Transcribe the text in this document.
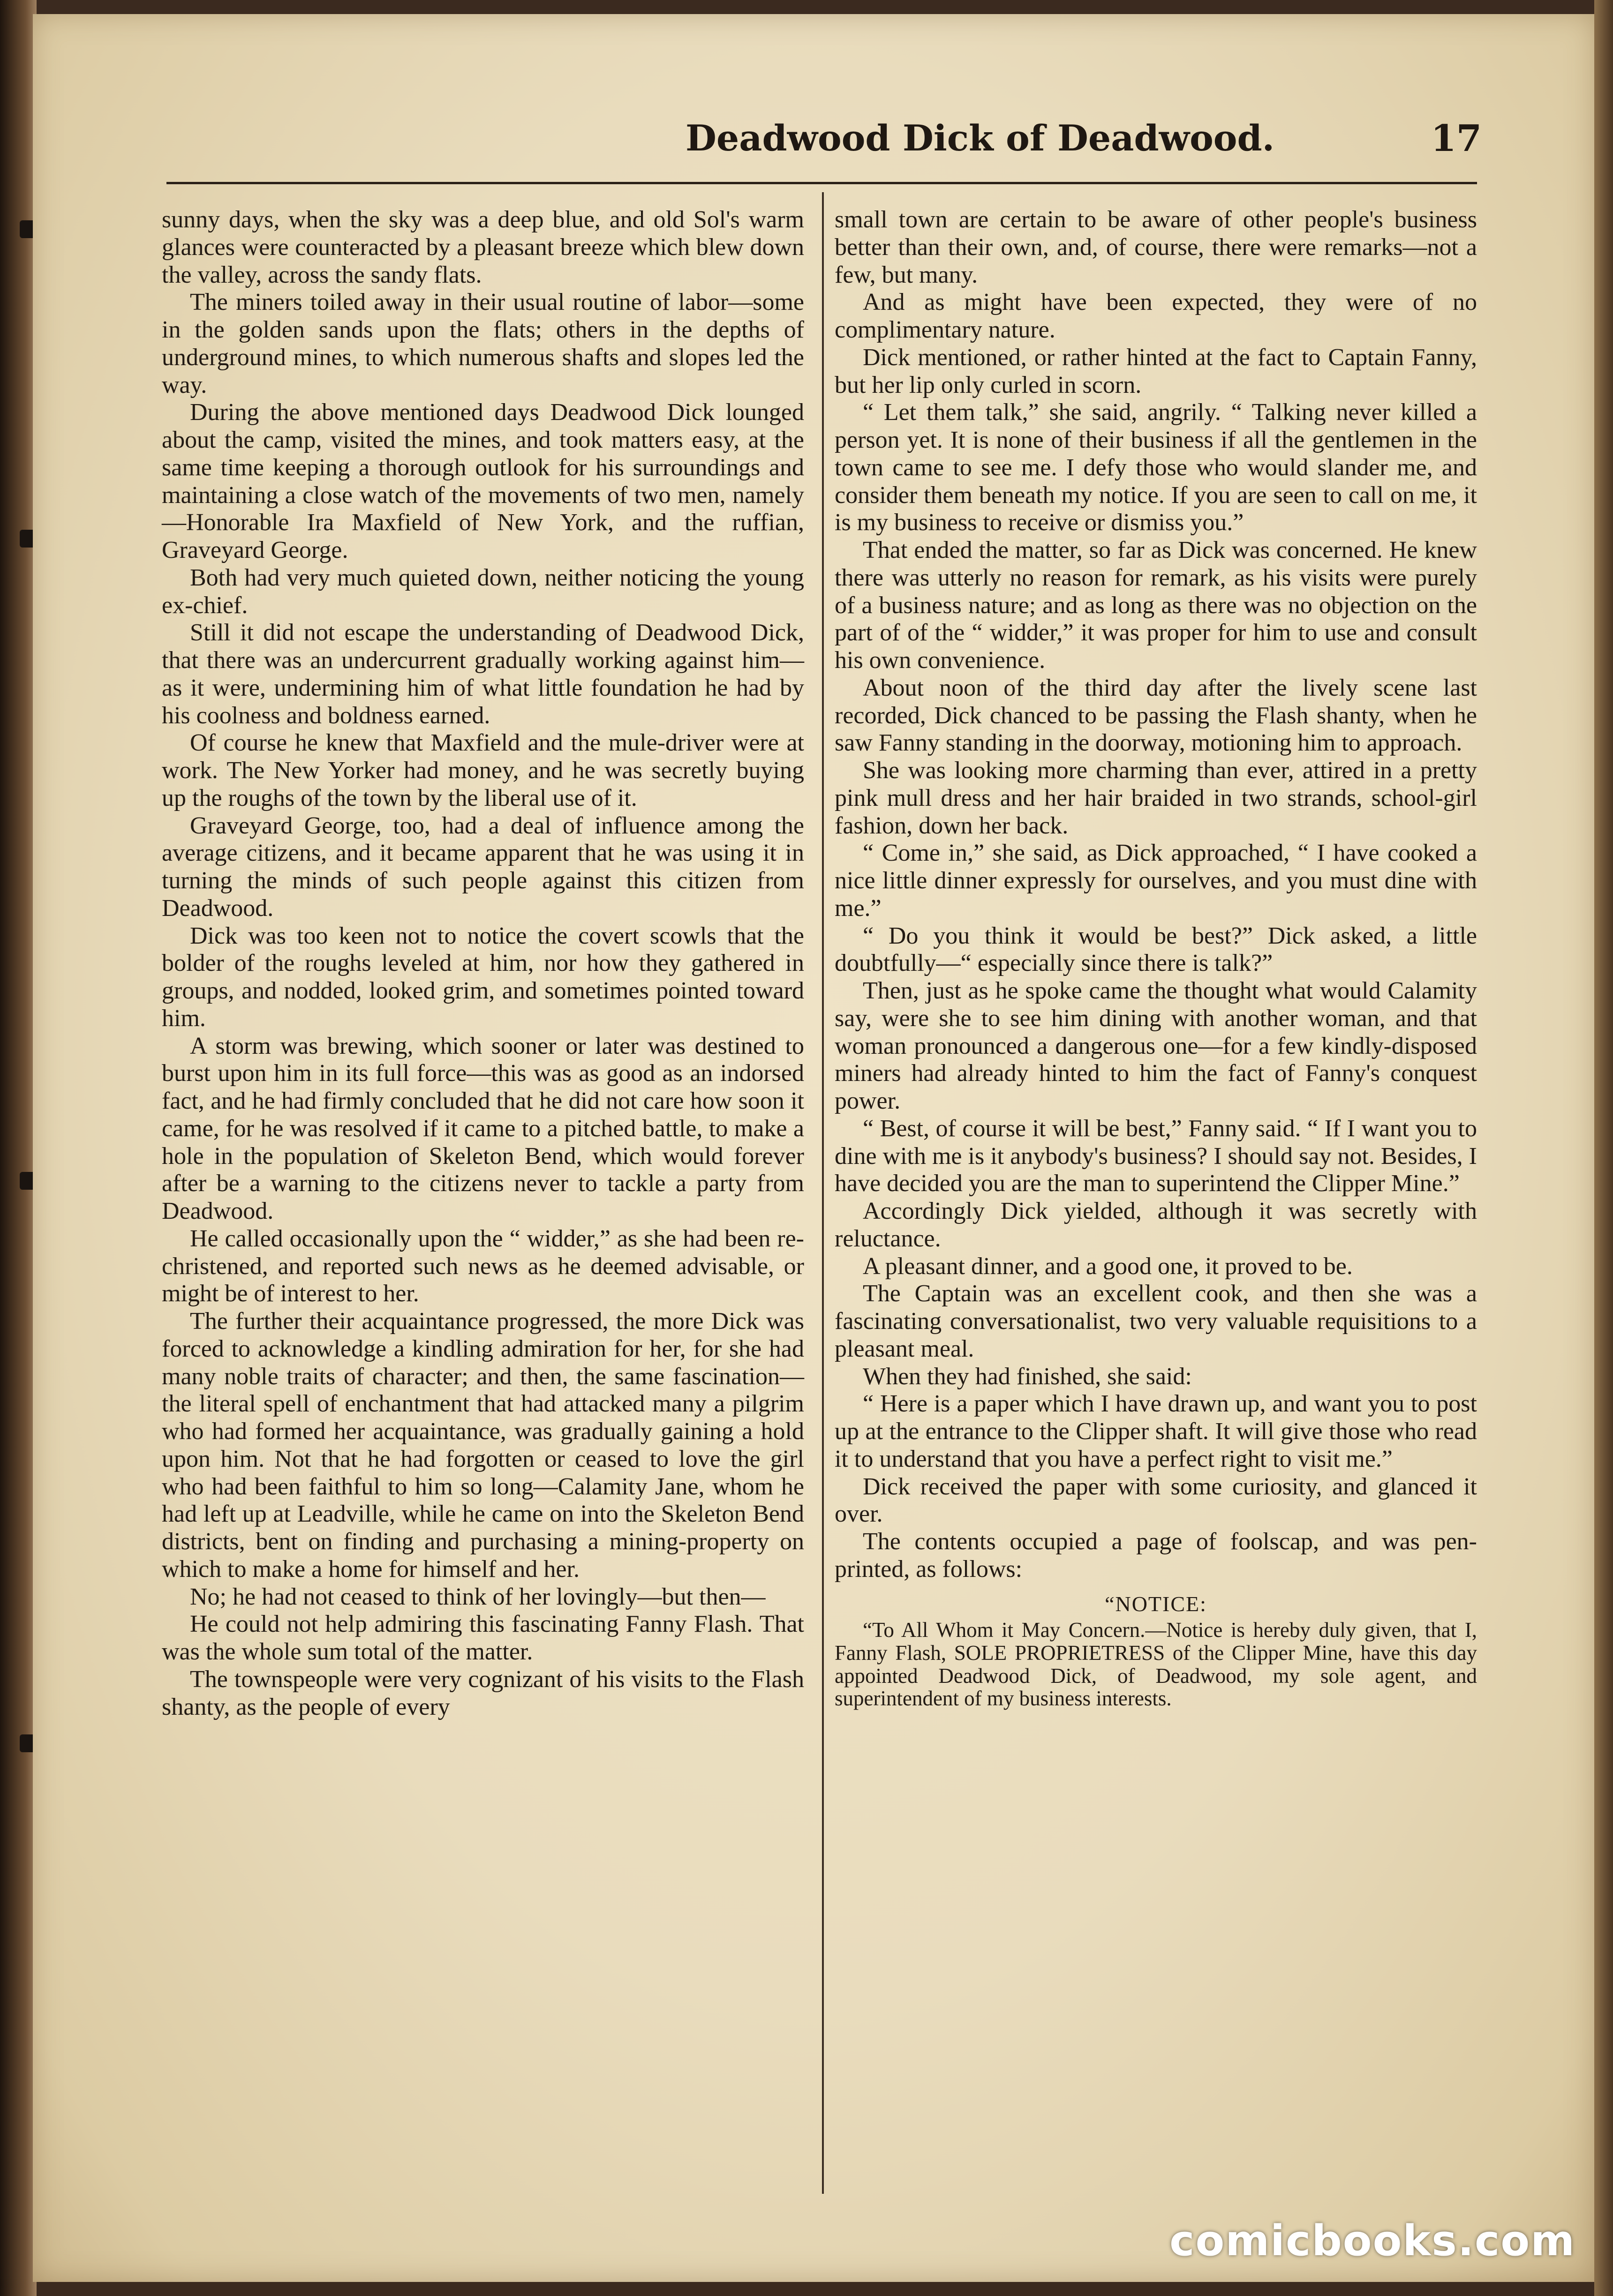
Deadwood Dick of Deadwood.	17

sunny days, when the sky was a deep blue, and old Sol's warm glances were counteracted by a pleasant breeze which blew down the valley, across the sandy flats.

The miners toiled away in their usual routine of labor—some in the golden sands upon the flats; others in the depths of underground mines, to which numerous shafts and slopes led the way.

During the above mentioned days Deadwood Dick lounged about the camp, visited the mines, and took matters easy, at the same time keeping a thorough outlook for his surroundings and maintaining a close watch of the movements of two men, namely—Honorable Ira Maxfield of New York, and the ruffian, Graveyard George.

Both had very much quieted down, neither noticing the young ex-chief.

Still it did not escape the understanding of Deadwood Dick, that there was an undercurrent gradually working against him—as it were, undermining him of what little foundation he had by his coolness and boldness earned.

Of course he knew that Maxfield and the mule-driver were at work. The New Yorker had money, and he was secretly buying up the roughs of the town by the liberal use of it.

Graveyard George, too, had a deal of influence among the average citizens, and it became apparent that he was using it in turning the minds of such people against this citizen from Deadwood.

Dick was too keen not to notice the covert scowls that the bolder of the roughs leveled at him, nor how they gathered in groups, and nodded, looked grim, and sometimes pointed toward him.

A storm was brewing, which sooner or later was destined to burst upon him in its full force—this was as good as an indorsed fact, and he had firmly concluded that he did not care how soon it came, for he was resolved if it came to a pitched battle, to make a hole in the population of Skeleton Bend, which would forever after be a warning to the citizens never to tackle a party from Deadwood.

He called occasionally upon the “ widder,” as she had been re-christened, and reported such news as he deemed advisable, or might be of interest to her.

The further their acquaintance progressed, the more Dick was forced to acknowledge a kindling admiration for her, for she had many noble traits of character; and then, the same fascination—the literal spell of enchantment that had attacked many a pilgrim who had formed her acquaintance, was gradually gaining a hold upon him. Not that he had forgotten or ceased to love the girl who had been faithful to him so long—Calamity Jane, whom he had left up at Leadville, while he came on into the Skeleton Bend districts, bent on finding and purchasing a mining-property on which to make a home for himself and her.

No; he had not ceased to think of her lovingly—but then—

He could not help admiring this fascinating Fanny Flash. That was the whole sum total of the matter.

The townspeople were very cognizant of his visits to the Flash shanty, as the people of every

small town are certain to be aware of other people's business better than their own, and, of course, there were remarks—not a few, but many.

And as might have been expected, they were of no complimentary nature.

Dick mentioned, or rather hinted at the fact to Captain Fanny, but her lip only curled in scorn.

“ Let them talk,” she said, angrily. “ Talking never killed a person yet. It is none of their business if all the gentlemen in the town came to see me. I defy those who would slander me, and consider them beneath my notice. If you are seen to call on me, it is my business to receive or dismiss you.”

That ended the matter, so far as Dick was concerned. He knew there was utterly no reason for remark, as his visits were purely of a business nature; and as long as there was no objection on the part of of the “ widder,” it was proper for him to use and consult his own convenience.

About noon of the third day after the lively scene last recorded, Dick chanced to be passing the Flash shanty, when he saw Fanny standing in the doorway, motioning him to approach.

She was looking more charming than ever, attired in a pretty pink mull dress and her hair braided in two strands, school-girl fashion, down her back.

“ Come in,” she said, as Dick approached, “ I have cooked a nice little dinner expressly for ourselves, and you must dine with me.”

“ Do you think it would be best?” Dick asked, a little doubtfully—“ especially since there is talk?”

Then, just as he spoke came the thought what would Calamity say, were she to see him dining with another woman, and that woman pronounced a dangerous one—for a few kindly-disposed miners had already hinted to him the fact of Fanny's conquest power.

“ Best, of course it will be best,” Fanny said. “ If I want you to dine with me is it anybody's business? I should say not. Besides, I have decided you are the man to superintend the Clipper Mine.”

Accordingly Dick yielded, although it was secretly with reluctance.

A pleasant dinner, and a good one, it proved to be.

The Captain was an excellent cook, and then she was a fascinating conversationalist, two very valuable requisitions to a pleasant meal.

When they had finished, she said:

“ Here is a paper which I have drawn up, and want you to post up at the entrance to the Clipper shaft. It will give those who read it to understand that you have a perfect right to visit me.”

Dick received the paper with some curiosity, and glanced it over.

The contents occupied a page of foolscap, and was pen-printed, as follows:

“NOTICE:

“To All Whom it May Concern.—Notice is hereby duly given, that I, Fanny Flash, SOLE PROPRIETRESS of the Clipper Mine, have this day appointed Deadwood Dick, of Deadwood, my sole agent, and superintendent of my business interests.

comicbooks.com
